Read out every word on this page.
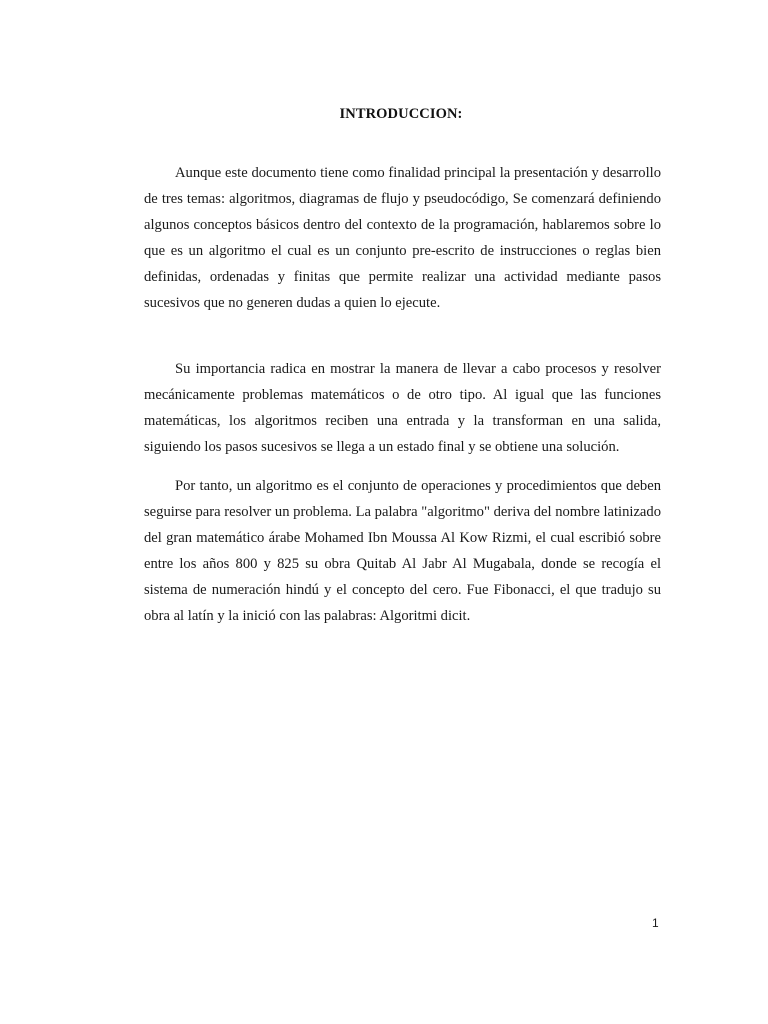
INTRODUCCION:

Aunque este documento tiene como finalidad principal la presentación y desarrollo de tres temas: algoritmos, diagramas de flujo y pseudocódigo, Se comenzará definiendo algunos conceptos básicos dentro del contexto de la programación, hablaremos sobre lo que es un algoritmo el cual es un conjunto pre-escrito de instrucciones o reglas bien definidas, ordenadas y finitas que permite realizar una actividad mediante pasos sucesivos que no generen dudas a quien lo ejecute.

Su importancia radica en mostrar la manera de llevar a cabo procesos y resolver mecánicamente problemas matemáticos o de otro tipo. Al igual que las funciones matemáticas, los algoritmos reciben una entrada y la transforman en una salida, siguiendo los pasos sucesivos se llega a un estado final y se obtiene una solución.

Por tanto, un algoritmo es el conjunto de operaciones y procedimientos que deben seguirse para resolver un problema. La palabra "algoritmo" deriva del nombre latinizado del gran matemático árabe Mohamed Ibn Moussa Al Kow Rizmi, el cual escribió sobre entre los años 800 y 825 su obra Quitab Al Jabr Al Mugabala, donde se recogía el sistema de numeración hindú y el concepto del cero. Fue Fibonacci, el que tradujo su obra al latín y la inició con las palabras: Algoritmi dicit.

1
